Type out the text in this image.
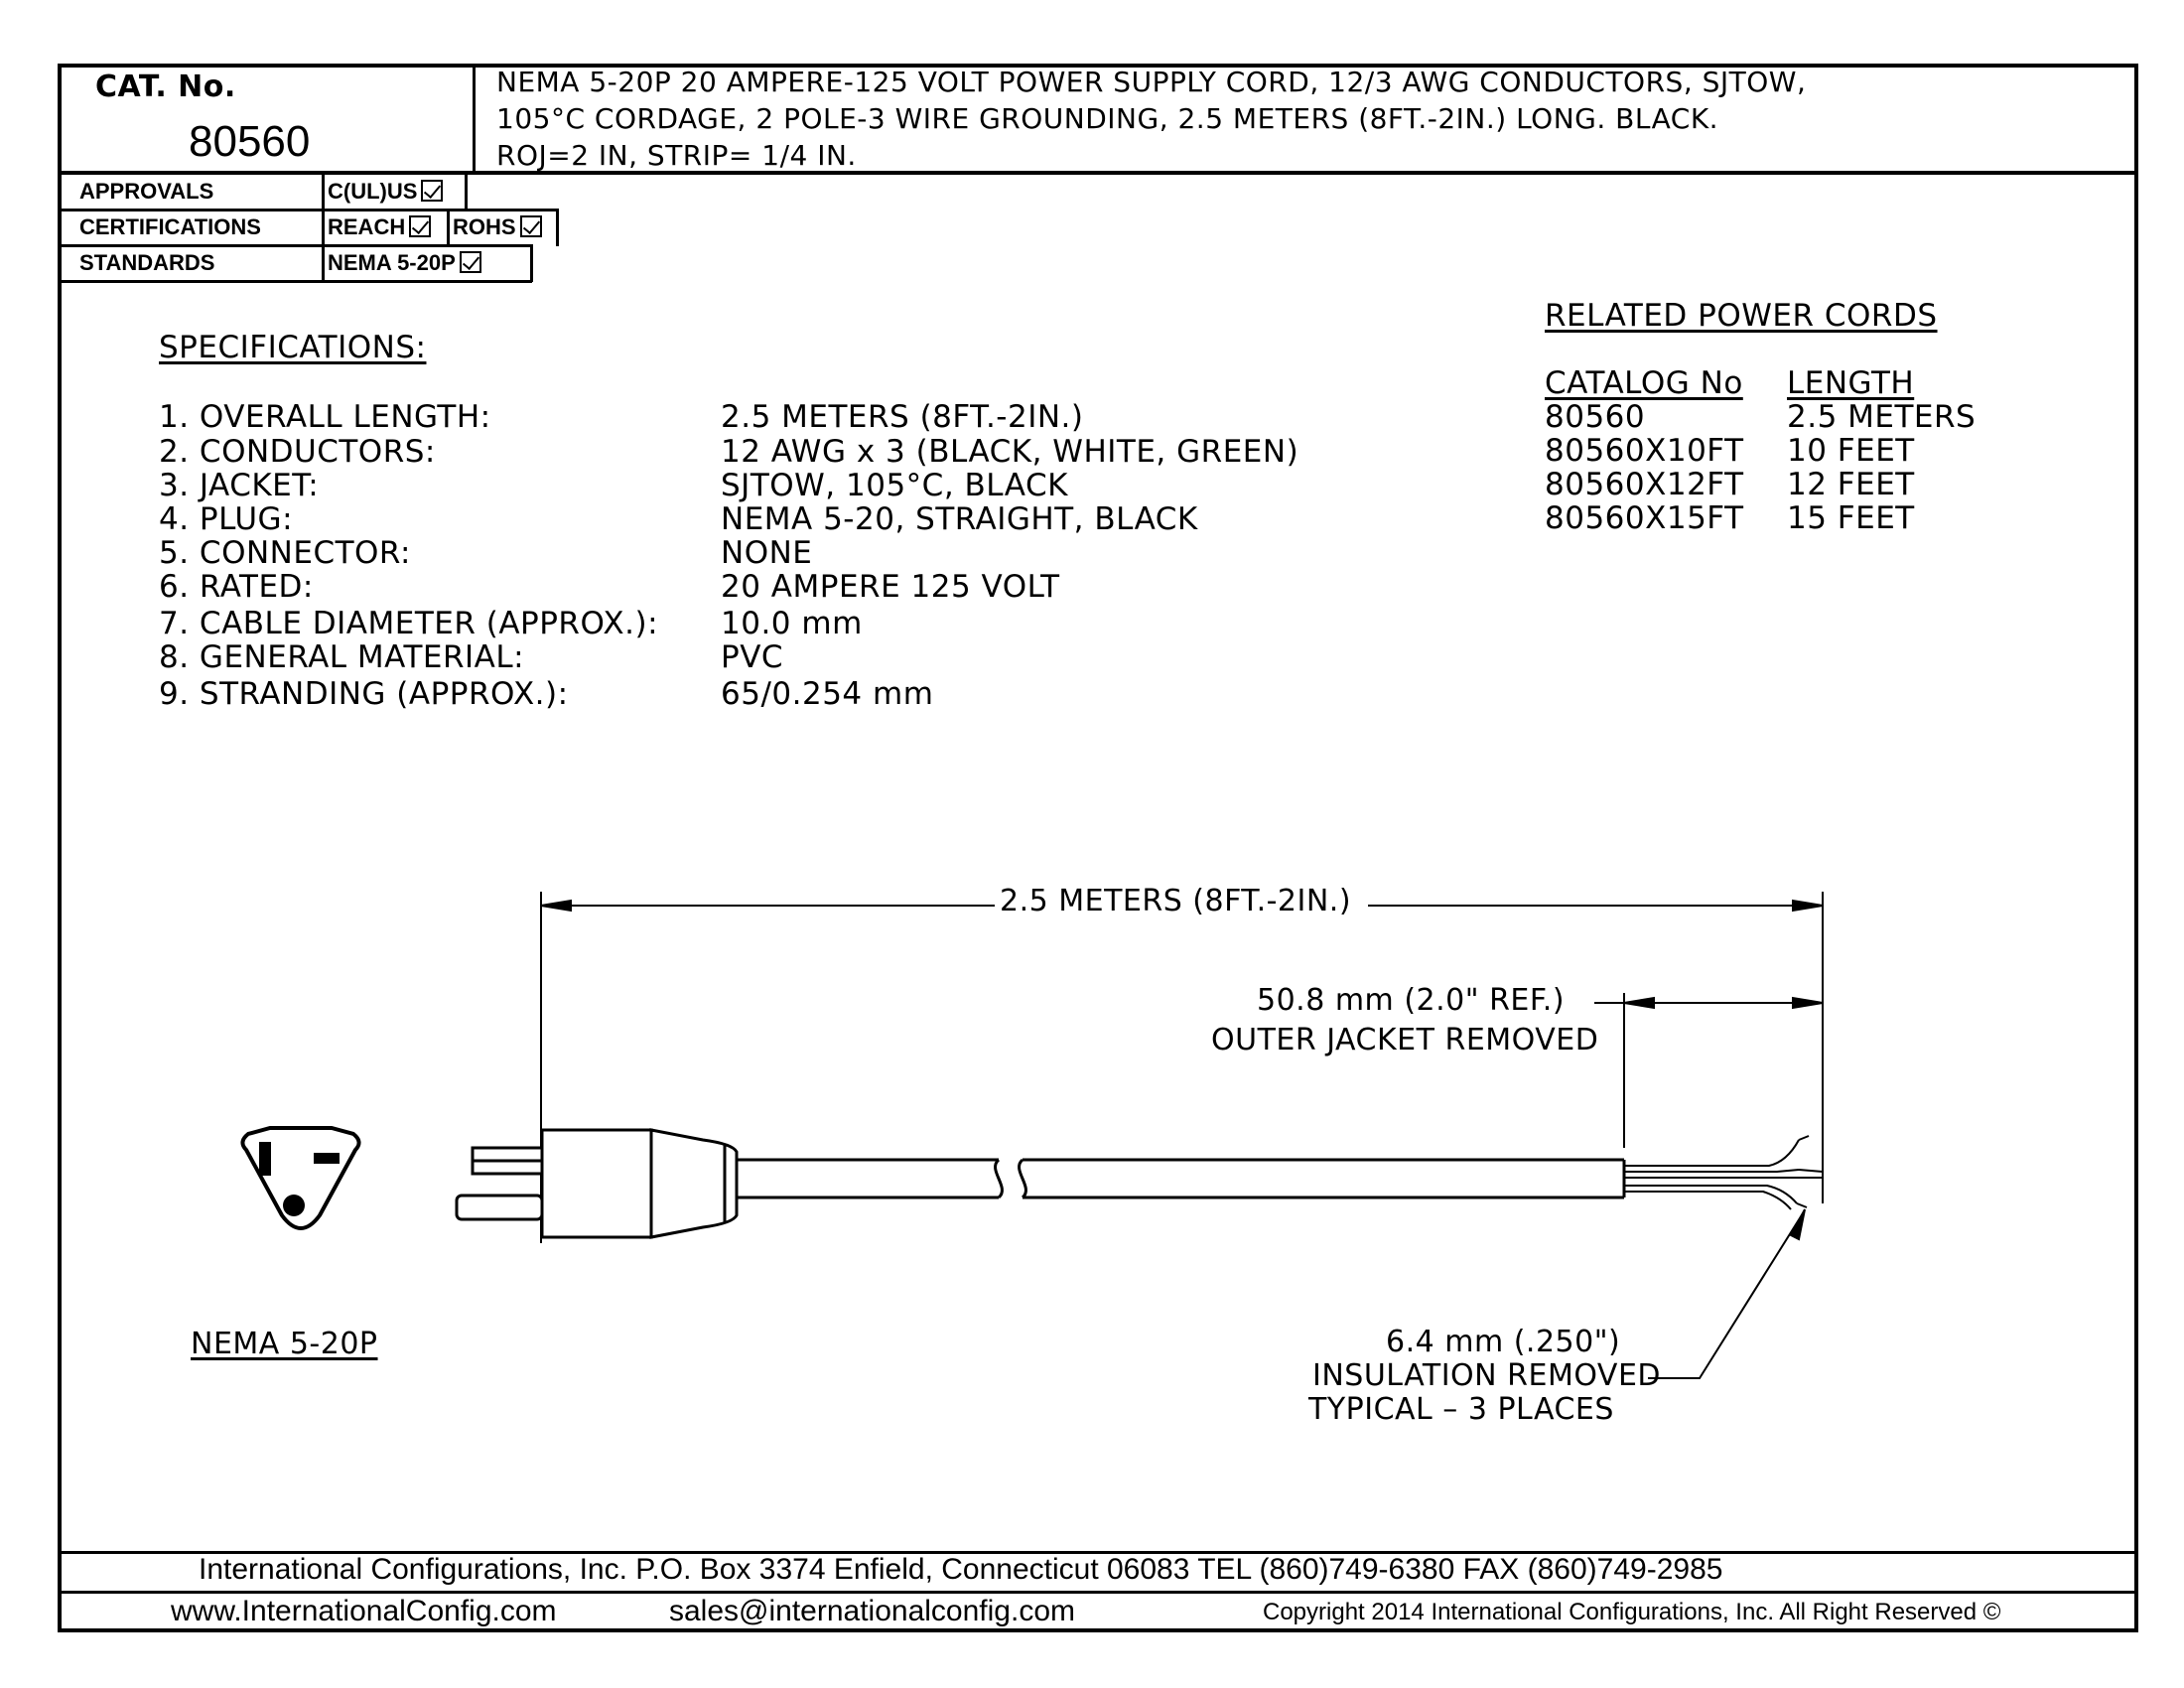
CAT. No.
80560
NEMA 5-20P 20 AMPERE-125 VOLT POWER SUPPLY CORD, 12/3 AWG CONDUCTORS, SJTOW,
105°C CORDAGE, 2 POLE-3 WIRE GROUNDING, 2.5 METERS (8FT.-2IN.) LONG. BLACK.
ROJ=2 IN, STRIP= 1/4 IN.
APPROVALS	C(UL)US
CERTIFICATIONS	REACH	ROHS
STANDARDS	NEMA 5-20P
SPECIFICATIONS:
1. OVERALL LENGTH:	2.5 METERS (8FT.-2IN.)
2. CONDUCTORS:	12 AWG x 3 (BLACK, WHITE, GREEN)
3. JACKET:	SJTOW, 105°C, BLACK
4. PLUG:	NEMA 5-20, STRAIGHT, BLACK
5. CONNECTOR:	NONE
6. RATED:	20 AMPERE 125 VOLT
7. CABLE DIAMETER (APPROX.): 10.0 mm
8. GENERAL MATERIAL:	PVC
9. STRANDING (APPROX.):	65/0.254 mm
RELATED POWER CORDS
CATALOG No LENGTH
80560	2.5 METERS
80560X10FT 10 FEET
80560X12FT 12 FEET
80560X15FT 15 FEET
2.5 METERS (8FT.-2IN.)
50.8 mm (2.0" REF.)
OUTER JACKET REMOVED
6.4 mm (.250")
INSULATION REMOVED
TYPICAL – 3 PLACES
NEMA 5-20P
International Configurations, Inc. P.O. Box 3374 Enfield, Connecticut 06083 TEL (860)749-6380 FAX (860)749-2985
www.InternationalConfig.com	sales@internationalconfig.com	Copyright 2014 International Configurations, Inc. All Right Reserved ©
